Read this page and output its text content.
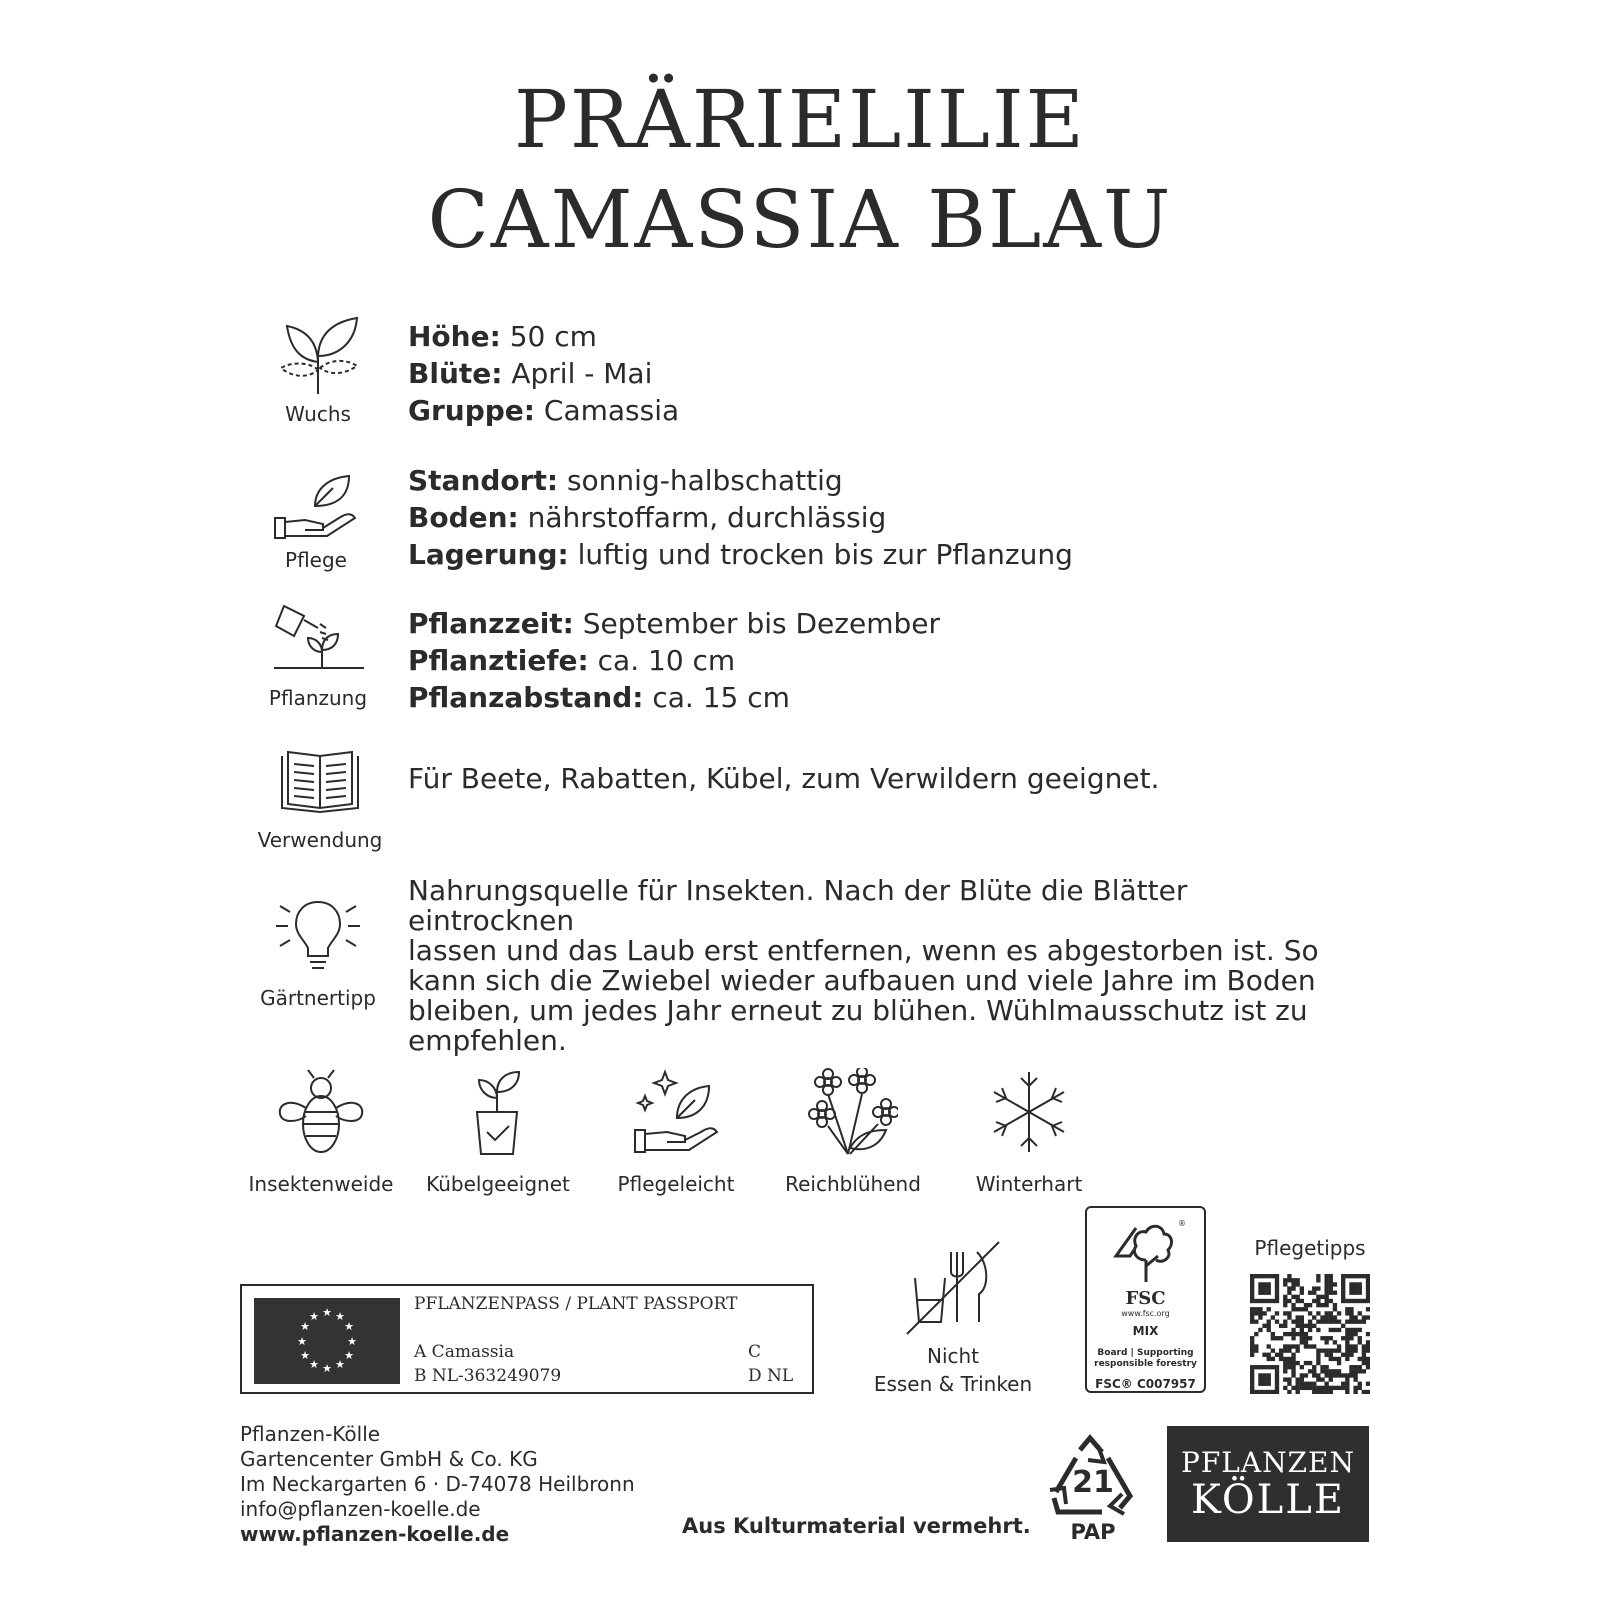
PRÄRIELILIE
CAMASSIA BLAU
Wuchs
Höhe: 50 cm
Blüte: April - Mai
Gruppe: Camassia
Pflege
Standort: sonnig-halbschattig
Boden: nährstoffarm, durchlässig
Lagerung: luftig und trocken bis zur Pflanzung
Pflanzung
Pflanzzeit: September bis Dezember
Pflanztiefe: ca. 10 cm
Pflanzabstand: ca. 15 cm
Verwendung
Für Beete, Rabatten, Kübel, zum Verwildern geeignet.
Gärtnertipp
Nahrungsquelle für Insekten. Nach der Blüte die Blätter eintrocknen
lassen und das Laub erst entfernen, wenn es abgestorben ist. So
kann sich die Zwiebel wieder aufbauen und viele Jahre im Boden
bleiben, um jedes Jahr erneut zu blühen. Wühlmausschutz ist zu
empfehlen.
Insektenweide	Kübelgeeignet	Pflegeleicht	Reichblühend	Winterhart
★ ★
★
★
★
★
★
★
★
★
★
★
PFLANZENPASS / PLANT PASSPORT
A Camassia
B NL-363249079
C
D NL
Nicht
Essen & Trinken
®
FSC
www.fsc.org
MIX
Board | Supporting
responsible forestry
FSC® C007957
Pflegetipps
Pflanzen-Kölle
Gartencenter GmbH & Co. KG
Im Neckargarten 6 · D-74078 Heilbronn
info@pflanzen-koelle.de
www.pflanzen-koelle.de	Aus Kulturmaterial vermehrt.
21
PAP
PFLANZEN
KÖLLE
